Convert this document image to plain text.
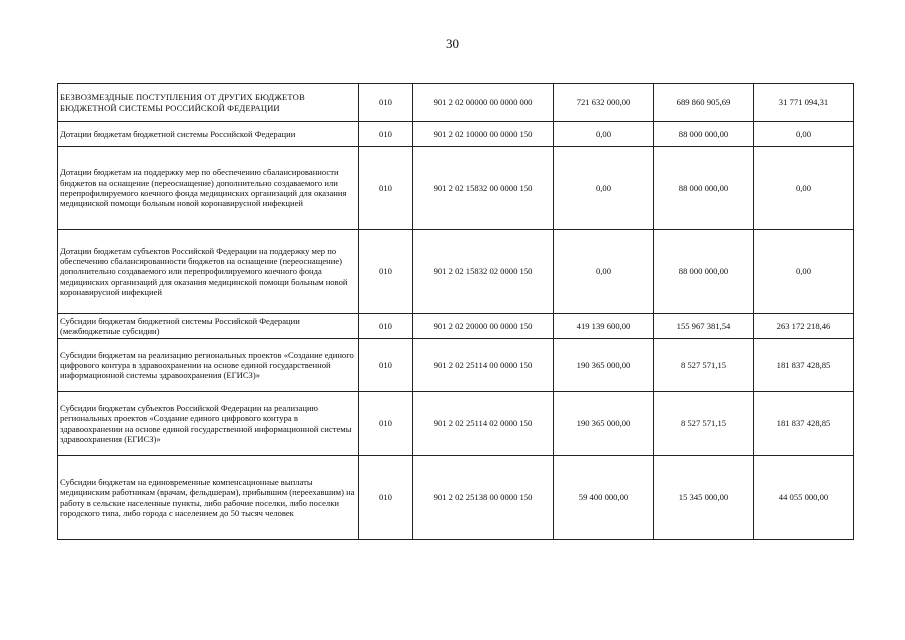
30
БЕЗВОЗМЕЗДНЫЕ ПОСТУПЛЕНИЯ ОТ ДРУГИХ БЮДЖЕТОВ БЮДЖЕТНОЙ СИСТЕМЫ РОССИЙСКОЙ ФЕДЕРАЦИИ	010	901 2 02 00000 00 0000 000	721 632 000,00	689 860 905,69	31 771 094,31
Дотации бюджетам бюджетной системы Российской Федерации	010	901 2 02 10000 00 0000 150	0,00	88 000 000,00	0,00
Дотации бюджетам на поддержку мер по обеспечению сбалансированности бюджетов на оснащение (переоснащение) дополнительно создаваемого или перепрофилируемого коечного фонда медицинских организаций для оказания медицинской помощи больным новой коронавирусной инфекцией	010	901 2 02 15832 00 0000 150	0,00	88 000 000,00	0,00
Дотации бюджетам субъектов Российской Федерации на поддержку мер по обеспечению сбалансированности бюджетов на оснащение (переоснащение) дополнительно создаваемого или перепрофилируемого коечного фонда медицинских организаций для оказания медицинской помощи больным новой коронавирусной инфекцией	010	901 2 02 15832 02 0000 150	0,00	88 000 000,00	0,00
Субсидии бюджетам бюджетной системы Российской Федерации (межбюджетные субсидии)	010	901 2 02 20000 00 0000 150	419 139 600,00	155 967 381,54	263 172 218,46
Субсидии бюджетам на реализацию региональных проектов «Создание единого цифрового контура в здравоохранении на основе единой государственной информационной системы здравоохранения (ЕГИСЗ)»	010	901 2 02 25114 00 0000 150	190 365 000,00	8 527 571,15	181 837 428,85
Субсидии бюджетам субъектов Российской Федерации на реализацию региональных проектов «Создание единого цифрового контура в здравоохранении на основе единой государственной информационной системы здравоохранения (ЕГИСЗ)»	010	901 2 02 25114 02 0000 150	190 365 000,00	8 527 571,15	181 837 428,85
Субсидии бюджетам на единовременные компенсационные выплаты медицинским работникам (врачам, фельдшерам), прибывшим (переехавшим) на работу в сельские населенные пункты, либо рабочие поселки, либо поселки городского типа, либо города с населением до 50 тысяч человек	010	901 2 02 25138 00 0000 150	59 400 000,00	15 345 000,00	44 055 000,00
